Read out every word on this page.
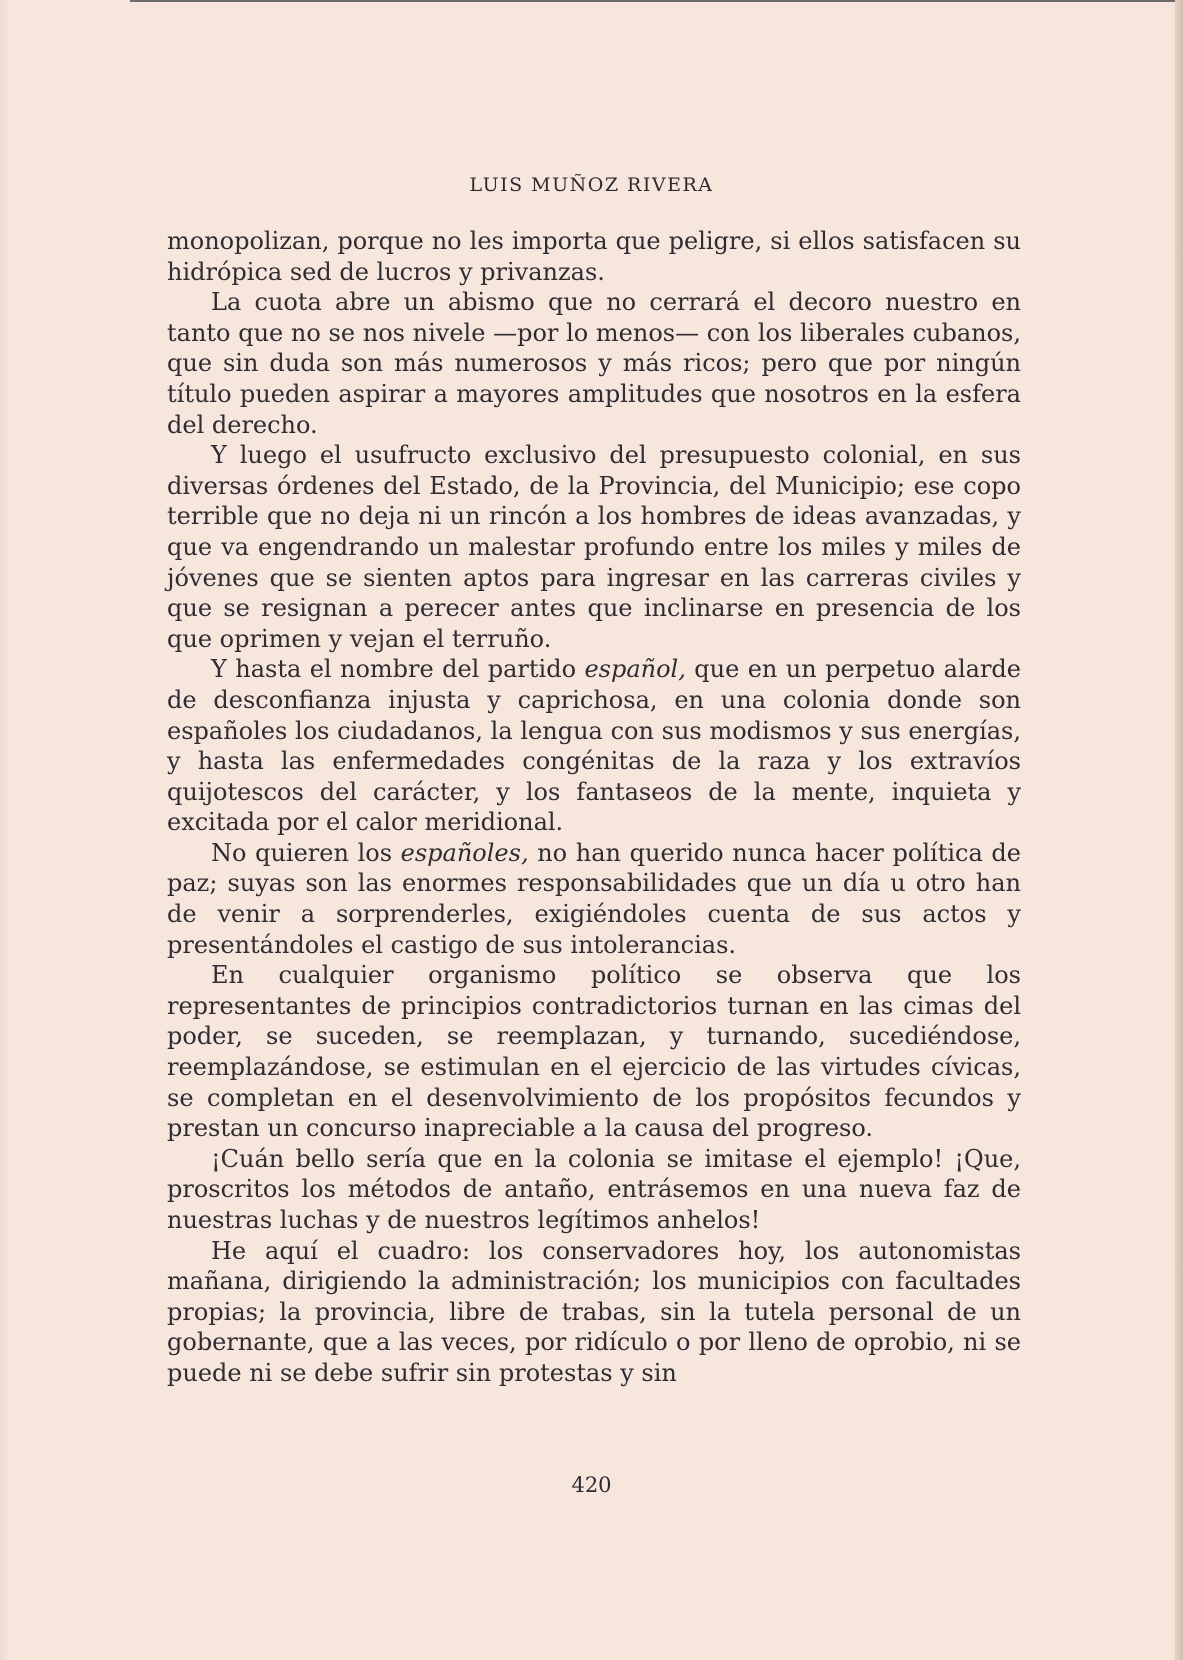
LUIS MUÑOZ RIVERA

monopolizan, porque no les importa que peligre, si ellos satisfacen su hidrópica sed de lucros y privanzas.

La cuota abre un abismo que no cerrará el decoro nuestro en tanto que no se nos nivele —por lo menos— con los liberales cubanos, que sin duda son más numerosos y más ricos; pero que por ningún título pueden aspirar a mayores amplitudes que nosotros en la esfera del derecho.

Y luego el usufructo exclusivo del presupuesto colonial, en sus diversas órdenes del Estado, de la Provincia, del Municipio; ese copo terrible que no deja ni un rincón a los hombres de ideas avanzadas, y que va engendrando un malestar profundo entre los miles y miles de jóvenes que se sienten aptos para ingresar en las carreras civiles y que se resignan a perecer antes que inclinarse en presencia de los que oprimen y vejan el terruño.

Y hasta el nombre del partido español, que en un perpetuo alarde de desconfianza injusta y caprichosa, en una colonia donde son españoles los ciudadanos, la lengua con sus modismos y sus energías, y hasta las enfermedades congénitas de la raza y los extravíos quijotescos del carácter, y los fantaseos de la mente, inquieta y excitada por el calor meridional.

No quieren los españoles, no han querido nunca hacer política de paz; suyas son las enormes responsabilidades que un día u otro han de venir a sorprenderles, exigiéndoles cuenta de sus actos y presentándoles el castigo de sus intolerancias.

En cualquier organismo político se observa que los representantes de principios contradictorios turnan en las cimas del poder, se suceden, se reemplazan, y turnando, sucediéndose, reemplazándose, se estimulan en el ejercicio de las virtudes cívicas, se completan en el desenvolvimiento de los propósitos fecundos y prestan un concurso inapreciable a la causa del progreso.

¡Cuán bello sería que en la colonia se imitase el ejemplo! ¡Que, proscritos los métodos de antaño, entrásemos en una nueva faz de nuestras luchas y de nuestros legítimos anhelos!

He aquí el cuadro: los conservadores hoy, los autonomistas mañana, dirigiendo la administración; los municipios con facultades propias; la provincia, libre de trabas, sin la tutela personal de un gobernante, que a las veces, por ridículo o por lleno de oprobio, ni se puede ni se debe sufrir sin protestas y sin

420
